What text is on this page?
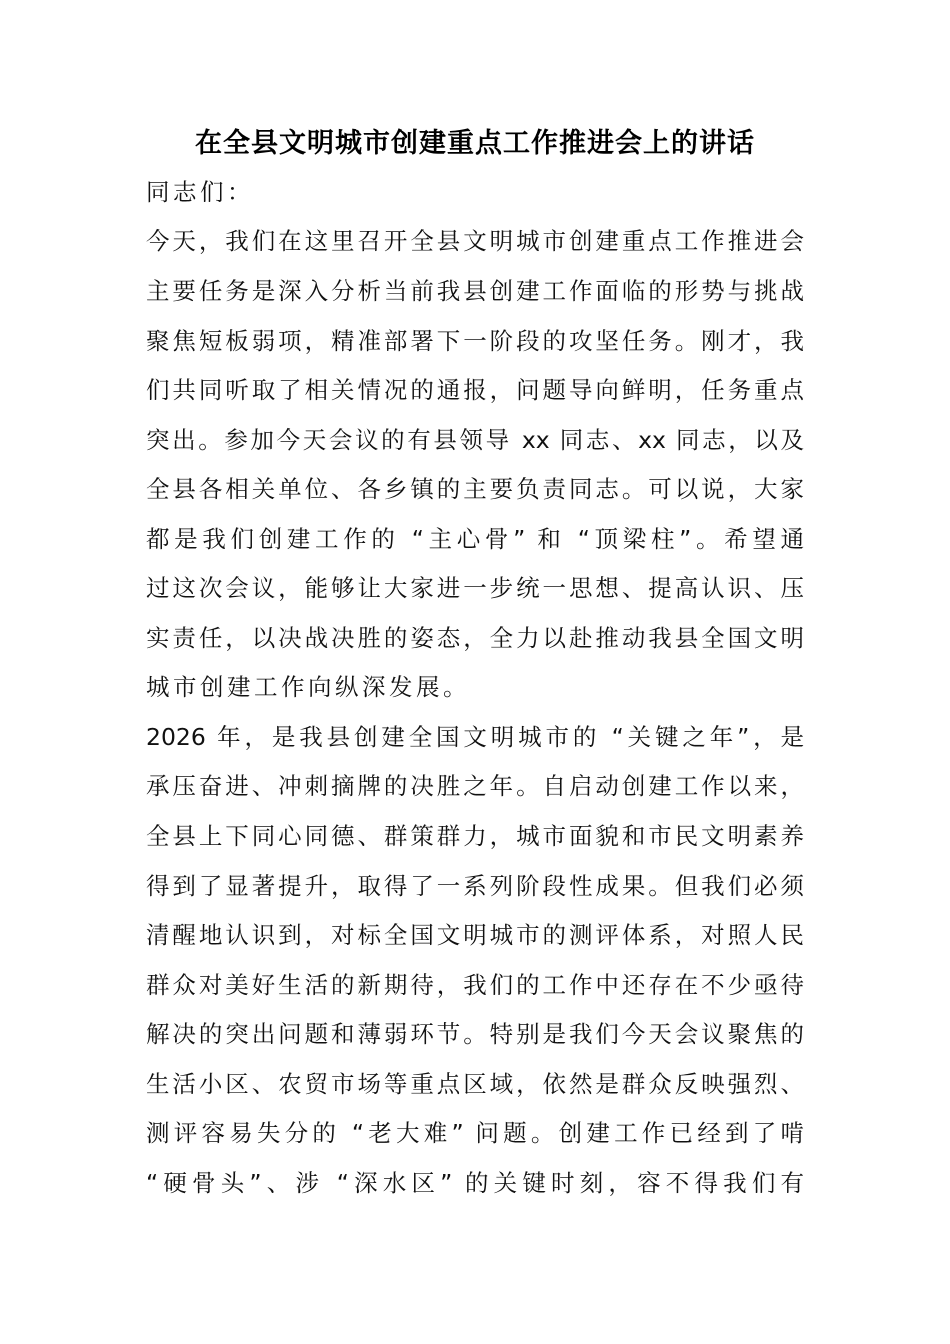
在全县文明城市创建重点工作推进会上的讲话
同志们：
今天，我们在这里召开全县文明城市创建重点工作推进会
主要任务是深入分析当前我县创建工作面临的形势与挑战
聚焦短板弱项，精准部署下一阶段的攻坚任务。刚才，我
们共同听取了相关情况的通报，问题导向鲜明，任务重点
突出。参加今天会议的有县领导 xx 同志、xx 同志，以及
全县各相关单位、各乡镇的主要负责同志。可以说，大家
都是我们创建工作的 “主心骨” 和 “顶梁柱”。希望通
过这次会议，能够让大家进一步统一思想、提高认识、压
实责任，以决战决胜的姿态，全力以赴推动我县全国文明
城市创建工作向纵深发展。
2026 年，是我县创建全国文明城市的 “关键之年”，是
承压奋进、冲刺摘牌的决胜之年。自启动创建工作以来，
全县上下同心同德、群策群力，城市面貌和市民文明素养
得到了显著提升，取得了一系列阶段性成果。但我们必须
清醒地认识到，对标全国文明城市的测评体系，对照人民
群众对美好生活的新期待，我们的工作中还存在不少亟待
解决的突出问题和薄弱环节。特别是我们今天会议聚焦的
生活小区、农贸市场等重点区域，依然是群众反映强烈、
测评容易失分的 “老大难” 问题。创建工作已经到了啃
“硬骨头”、涉 “深水区” 的关键时刻，容不得我们有
